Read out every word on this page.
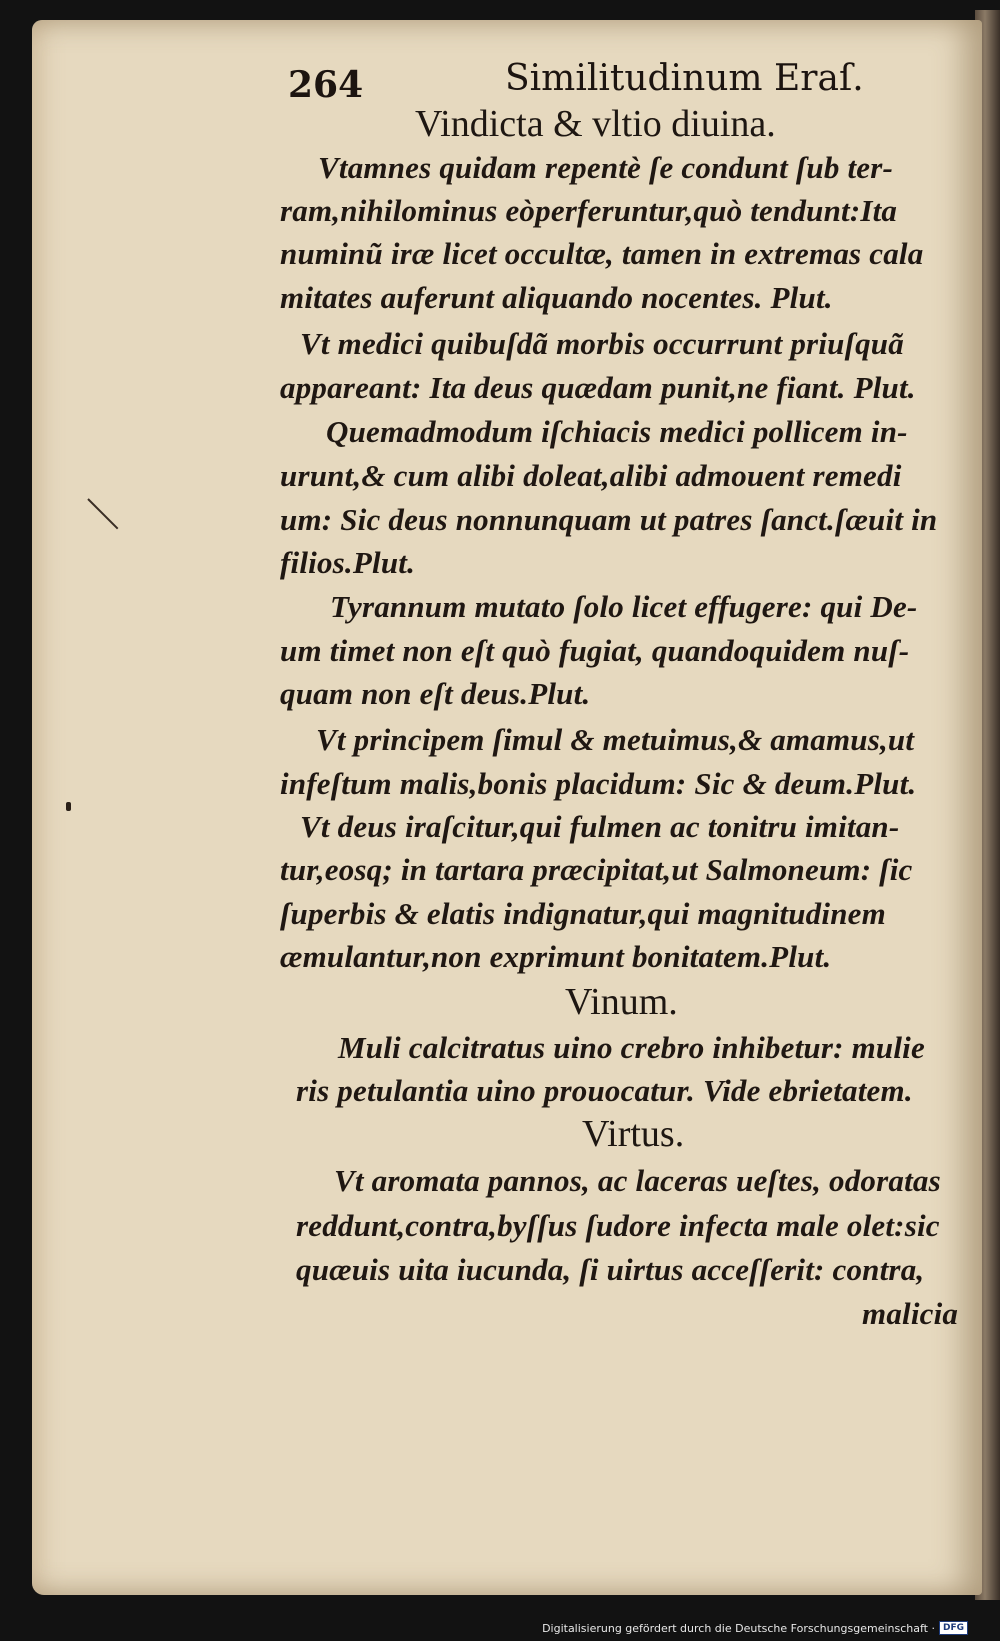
264	Similitudinum Eraſ.
Vindicta & vltio diuina.
Vtamnes quidam repentè ſe condunt ſub ter-
ram,nihilominus eòperferuntur,quò tendunt:Ita
numinũ iræ licet occultæ, tamen in extremas cala
mitates auferunt aliquando nocentes. Plut.
Vt medici quibuſdã morbis occurrunt priuſquã
appareant: Ita deus quædam punit,ne fiant. Plut.
Quemadmodum iſchiacis medici pollicem in-
urunt,& cum alibi doleat,alibi admouent remedi
um: Sic deus nonnunquam ut patres ſanct.ſæuit in
filios.Plut.
Tyrannum mutato ſolo licet effugere: qui De-
um timet non eſt quò fugiat, quandoquidem nuſ-
quam non eſt deus.Plut.
Vt principem ſimul & metuimus,& amamus,ut
infeſtum malis,bonis placidum: Sic & deum.Plut.
Vt deus iraſcitur,qui fulmen ac tonitru imitan-
tur,eosq; in tartara præcipitat,ut Salmoneum: ſic
ſuperbis & elatis indignatur,qui magnitudinem
æmulantur,non exprimunt bonitatem.Plut.
Vinum.
Muli calcitratus uino crebro inhibetur: mulie
ris petulantia uino prouocatur. Vide ebrietatem.
Virtus.
Vt aromata pannos, ac laceras ueſtes, odoratas
reddunt,contra,byſſus ſudore infecta male olet:sic
quæuis uita iucunda, ſi uirtus acceſſerit: contra,
malicia
Digitalisierung gefördert durch die Deutsche Forschungsgemeinschaft · DFG
